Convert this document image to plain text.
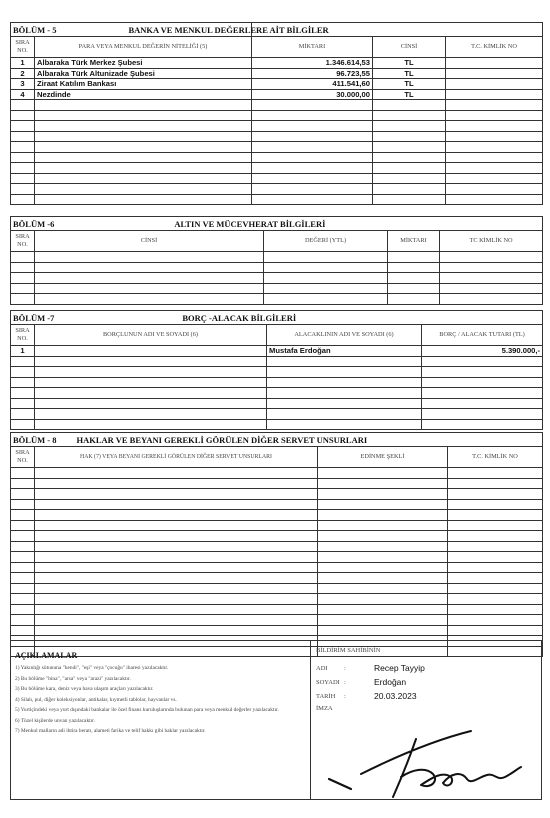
BÖLÜM - 5 BANKA VE MENKUL DEĞERLERE AİT BİLGİLER				
SIRA NO.	PARA VEYA MENKUL DEĞERİN NİTELİĞİ (5)	MİKTARI	CİNSİ	T.C. KİMLİK NO
1	Albaraka Türk Merkez Şubesi	1.346.614,53	TL	
2	Albaraka Türk Altunizade Şubesi	96.723,55	TL	
3	Ziraat Katılım Bankası	411.541,60	TL	
4	Nezdinde	30.000,00	TL	

BÖLÜM -6 ALTIN VE MÜCEVHERAT BİLGİLERİ				
SIRA NO.	CİNSİ	DEĞERİ (YTL)	MİKTARI	TC KİMLİK NO

BÖLÜM -7 BORÇ -ALACAK BİLGİLERİ			
SIRA NO.	BORÇLUNUN ADI VE SOYADI (6)	ALACAKLININ ADI VE SOYADI (6)	BORÇ / ALACAK TUTARI (TL)
1		Mustafa Erdoğan	5.390.000,-

BÖLÜM - 8 HAKLAR VE BEYANI GEREKLİ GÖRÜLEN DİĞER SERVET UNSURLARI			
SIRA NO.	HAK (7) VEYA BEYANI GEREKLİ GÖRÜLEN DİĞER SERVET UNSURLARI	EDİNME ŞEKLİ	T.C. KİMLİK NO

AÇIKLAMALAR
1) Yakınlığı sütununa "kendi", "eşi" veya "çocuğu" ibaresi yazılacaktır.
2) Bu bölüme "bina", "arsa" veya "arazi" yazılacaktır.
3) Bu bölüme kara, deniz veya hava ulaşım araçları yazılacaktır.
4) Silah, pul, diğer koleksiyonlar, antikalar, kıymetli tablolar, hayvanlar vs.
5) Yurtiçindeki veya yurt dışındaki bankalar ile özel finans kuruluşlarında bulunan para veya menkul değerler yazılacaktır.
6) Tüzel kişilerde unvan yazılacaktır.
7) Menkul malların adi ihtira beratı, alameti farika ve telif hakkı gibi haklar yazılacaktır.
BİLDİRİM SAHİBİNİN
ADI	:	Recep Tayyip
SOYADI :	Erdoğan
TARİH	:	20.03.2023
İMZA
